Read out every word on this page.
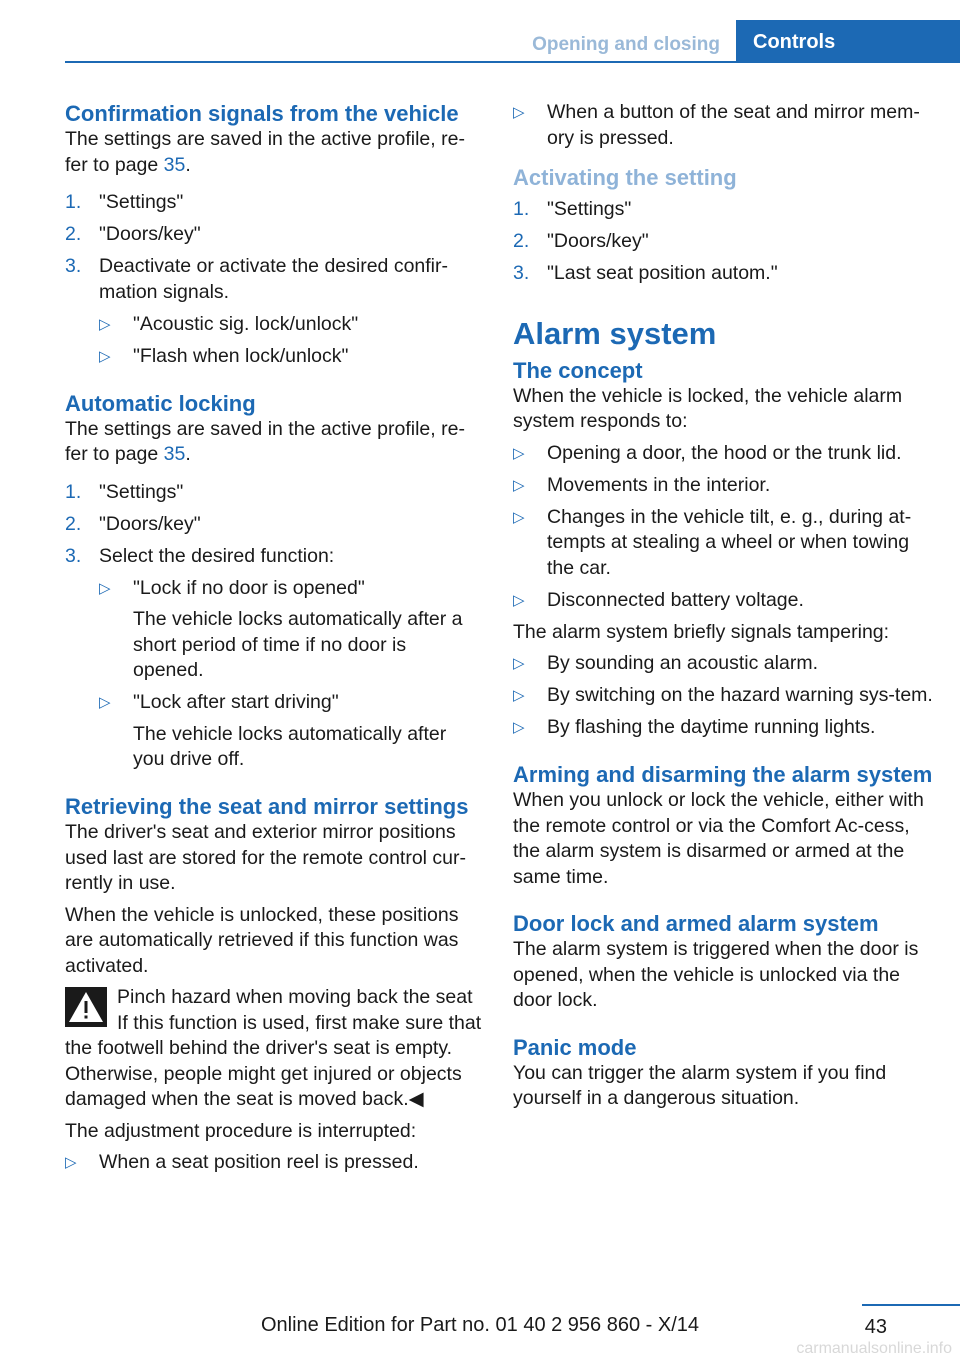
Opening and closing	Controls
Confirmation signals from the vehicle

The settings are saved in the active profile, re‐fer to page 35.

1. "Settings"
2. "Doors/key"
3. Deactivate or activate the desired confir‐mation signals.
▷ "Acoustic sig. lock/unlock"
▷ "Flash when lock/unlock"
Automatic locking

The settings are saved in the active profile, re‐fer to page 35.

1. "Settings"
2. "Doors/key"
3. Select the desired function:
▷ "Lock if no door is opened"
The vehicle locks automatically after a short period of time if no door is opened.
▷ "Lock after start driving"
The vehicle locks automatically after you drive off.
Retrieving the seat and mirror settings

The driver's seat and exterior mirror positions used last are stored for the remote control cur‐rently in use.

When the vehicle is unlocked, these positions are automatically retrieved if this function was activated.

Pinch hazard when moving back the seat
If this function is used, first make sure that the footwell behind the driver's seat is empty. Otherwise, people might get injured or objects damaged when the seat is moved back.◀

The adjustment procedure is interrupted:

▷ When a seat position reel is pressed.
▷ When a button of the seat and mirror mem‐ory is pressed.
Activating the setting
1. "Settings"
2. "Doors/key"
3. "Last seat position autom."
Alarm system
The concept

When the vehicle is locked, the vehicle alarm system responds to:

▷ Opening a door, the hood or the trunk lid.
▷ Movements in the interior.
▷ Changes in the vehicle tilt, e. g., during at‐tempts at stealing a wheel or when towing the car.
▷ Disconnected battery voltage.

The alarm system briefly signals tampering:

▷ By sounding an acoustic alarm.
▷ By switching on the hazard warning sys‐tem.
▷ By flashing the daytime running lights.
Arming and disarming the alarm system

When you unlock or lock the vehicle, either with the remote control or via the Comfort Ac‐cess, the alarm system is disarmed or armed at the same time.

Door lock and armed alarm system

The alarm system is triggered when the door is opened, when the vehicle is unlocked via the door lock.

Panic mode

You can trigger the alarm system if you find yourself in a dangerous situation.

43
Online Edition for Part no. 01 40 2 956 860 - X/14
carmanualsonline.info
